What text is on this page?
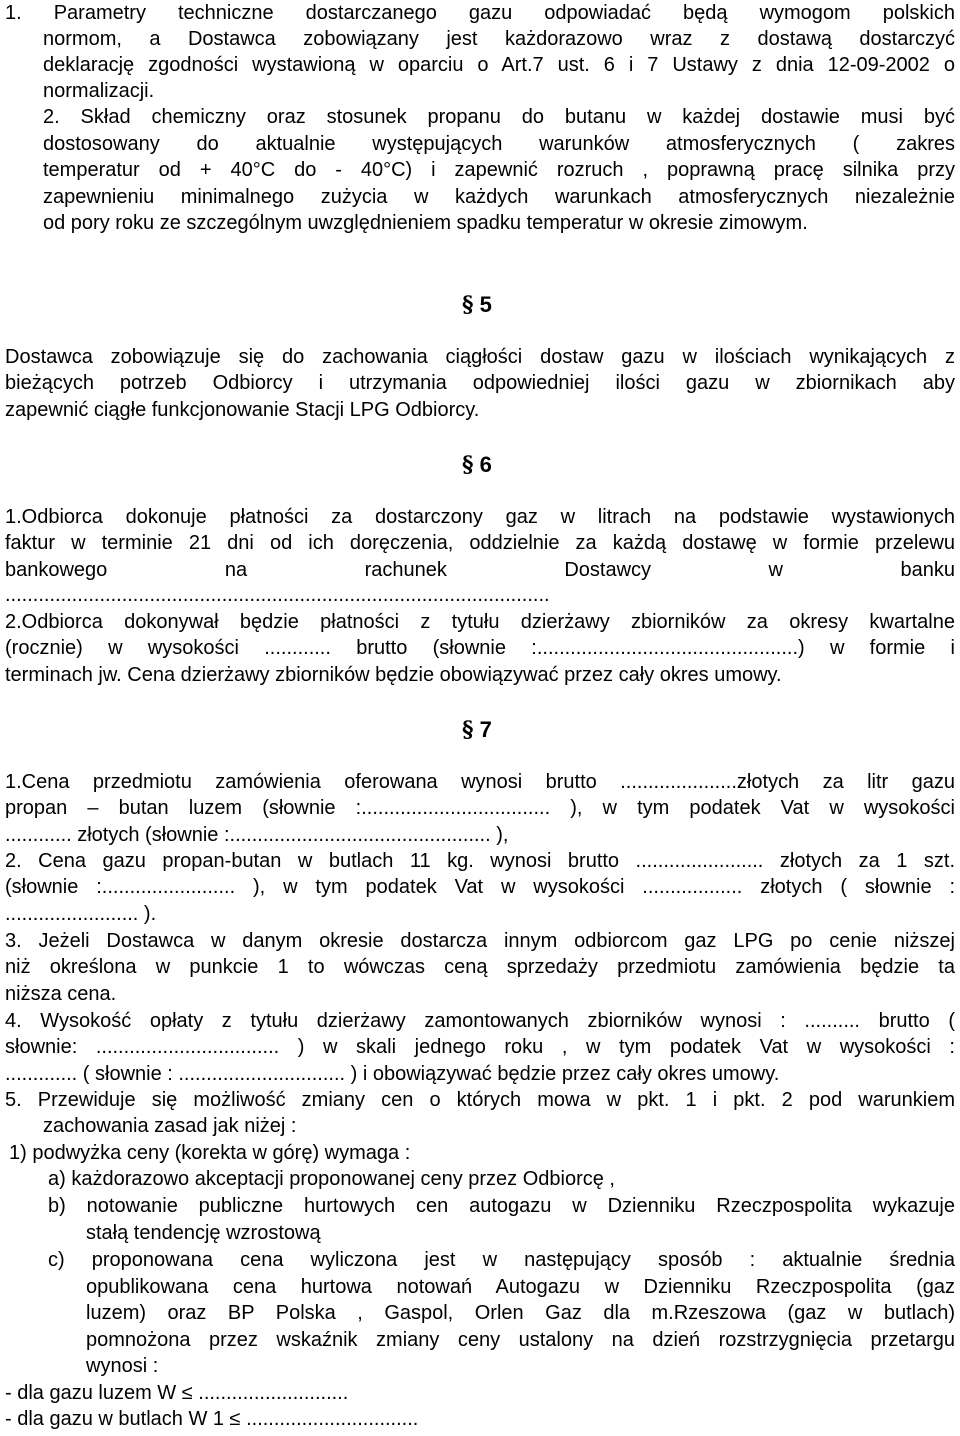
1. Parametry techniczne dostarczanego gazu odpowiadać będą wymogom polskich
normom, a Dostawca zobowiązany jest każdorazowo wraz z dostawą dostarczyć
deklarację zgodności wystawioną w oparciu o Art.7 ust. 6 i 7 Ustawy z dnia 12-09-2002 o
normalizacji.
2. Skład chemiczny oraz stosunek propanu do butanu w każdej dostawie musi być
dostosowany do aktualnie występujących warunków atmosferycznych ( zakres
temperatur od + 40°C do - 40°C) i zapewnić rozruch , poprawną pracę silnika przy
zapewnieniu minimalnego zużycia w każdych warunkach atmosferycznych niezależnie
od pory roku ze szczególnym uwzględnieniem spadku temperatur w okresie zimowym.
§ 5
Dostawca zobowiązuje się do zachowania ciągłości dostaw gazu w ilościach wynikających z
bieżących potrzeb Odbiorcy i utrzymania odpowiedniej ilości gazu w zbiornikach aby
zapewnić ciągłe funkcjonowanie Stacji LPG Odbiorcy.
§ 6
1.Odbiorca dokonuje płatności za dostarczony gaz w litrach na podstawie wystawionych
faktur w terminie 21 dni od ich doręczenia, oddzielnie za każdą dostawę w formie przelewu
bankowego na rachunek Dostawcy w banku
..................................................................................................
2.Odbiorca dokonywał będzie płatności z tytułu dzierżawy zbiorników za okresy kwartalne
(rocznie) w wysokości ............ brutto (słownie :...............................................) w formie i
terminach jw. Cena dzierżawy zbiorników będzie obowiązywać przez cały okres umowy.
§ 7
1.Cena przedmiotu zamówienia oferowana wynosi brutto .....................złotych za litr gazu
propan – butan luzem (słownie :.................................. ), w tym podatek Vat w wysokości
............ złotych (słownie :............................................... ),
2. Cena gazu propan-butan w butlach 11 kg. wynosi brutto ....................... złotych za 1 szt.
(słownie :........................ ), w tym podatek Vat w wysokości .................. złotych ( słownie :
........................ ).
3. Jeżeli Dostawca w danym okresie dostarcza innym odbiorcom gaz LPG po cenie niższej
niż określona w punkcie 1 to wówczas ceną sprzedaży przedmiotu zamówienia będzie ta
niższa cena.
4. Wysokość opłaty z tytułu dzierżawy zamontowanych zbiorników wynosi : .......... brutto (
słownie: ................................. ) w skali jednego roku , w tym podatek Vat w wysokości :
............. ( słownie : .............................. ) i obowiązywać będzie przez cały okres umowy.
5. Przewiduje się możliwość zmiany cen o których mowa w pkt. 1 i pkt. 2 pod warunkiem
zachowania zasad jak niżej :
1) podwyżka ceny (korekta w górę) wymaga :
a) każdorazowo akceptacji proponowanej ceny przez Odbiorcę ,
b) notowanie publiczne hurtowych cen autogazu w Dzienniku Rzeczpospolita wykazuje
stałą tendencję wzrostową
c) proponowana cena wyliczona jest w następujący sposób : aktualnie średnia
opublikowana cena hurtowa notowań Autogazu w Dzienniku Rzeczpospolita (gaz
luzem) oraz BP Polska , Gaspol, Orlen Gaz dla m.Rzeszowa (gaz w butlach)
pomnożona przez wskaźnik zmiany ceny ustalony na dzień rozstrzygnięcia przetargu
wynosi :
- dla gazu luzem W ≤ ...........................
- dla gazu w butlach W 1 ≤ ...............................
